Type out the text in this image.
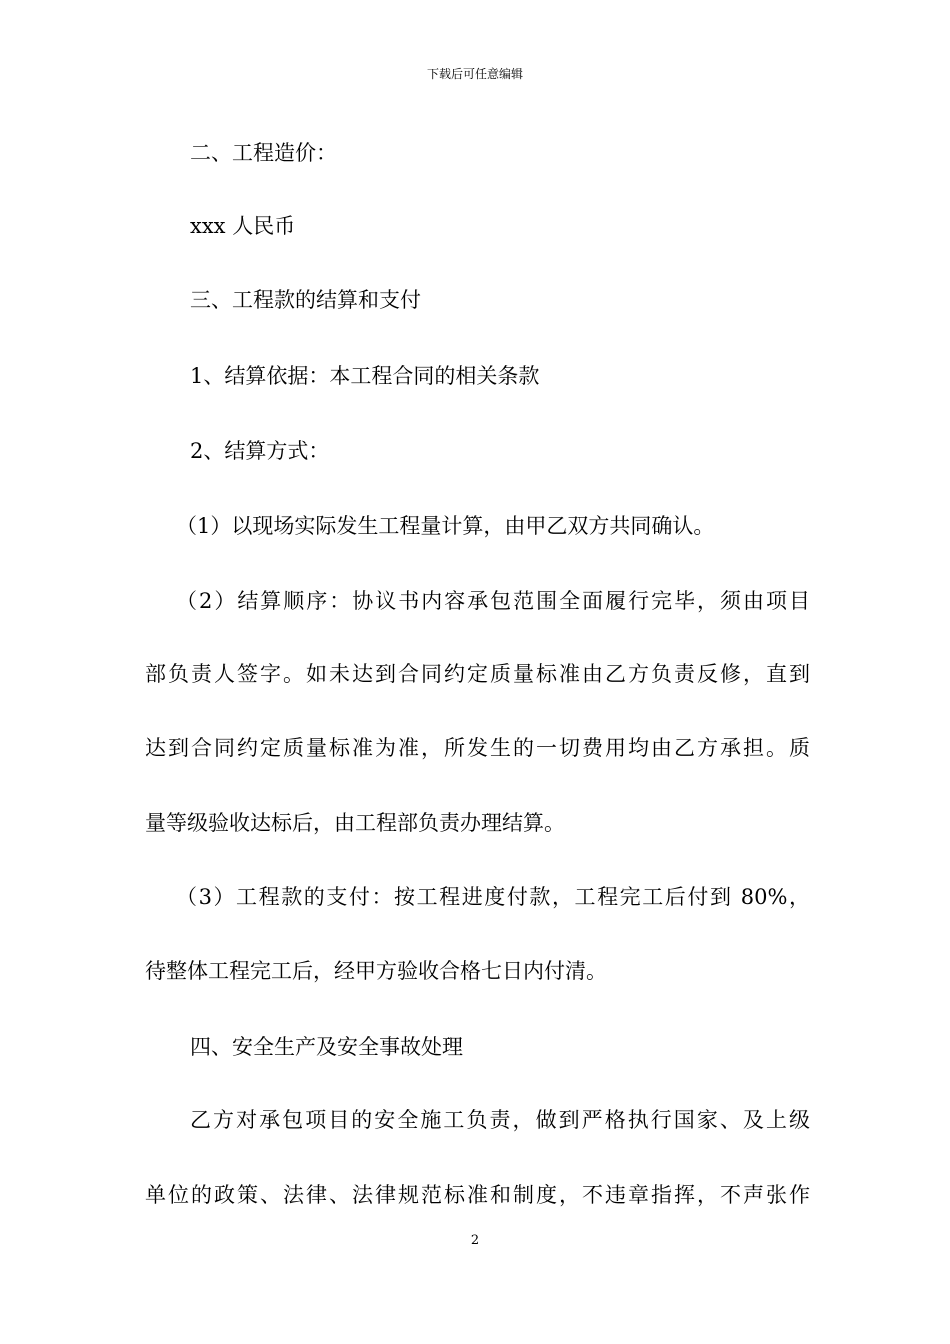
下载后可任意编辑
二、工程造价：
xxx 人民币
三、工程款的结算和支付
1、结算依据：本工程合同的相关条款
2、结算方式：
（1）以现场实际发生工程量计算，由甲乙双方共同确认。
（2）结算顺序：协议书内容承包范围全面履行完毕，须由项目
部负责人签字。如未达到合同约定质量标准由乙方负责反修，直到
达到合同约定质量标准为准，所发生的一切费用均由乙方承担。质
量等级验收达标后，由工程部负责办理结算。
（3）工程款的支付：按工程进度付款，工程完工后付到 80%，
待整体工程完工后，经甲方验收合格七日内付清。
四、安全生产及安全事故处理
乙方对承包项目的安全施工负责，做到严格执行国家、及上级
单位的政策、法律、法律规范标准和制度，不违章指挥，不声张作
2
